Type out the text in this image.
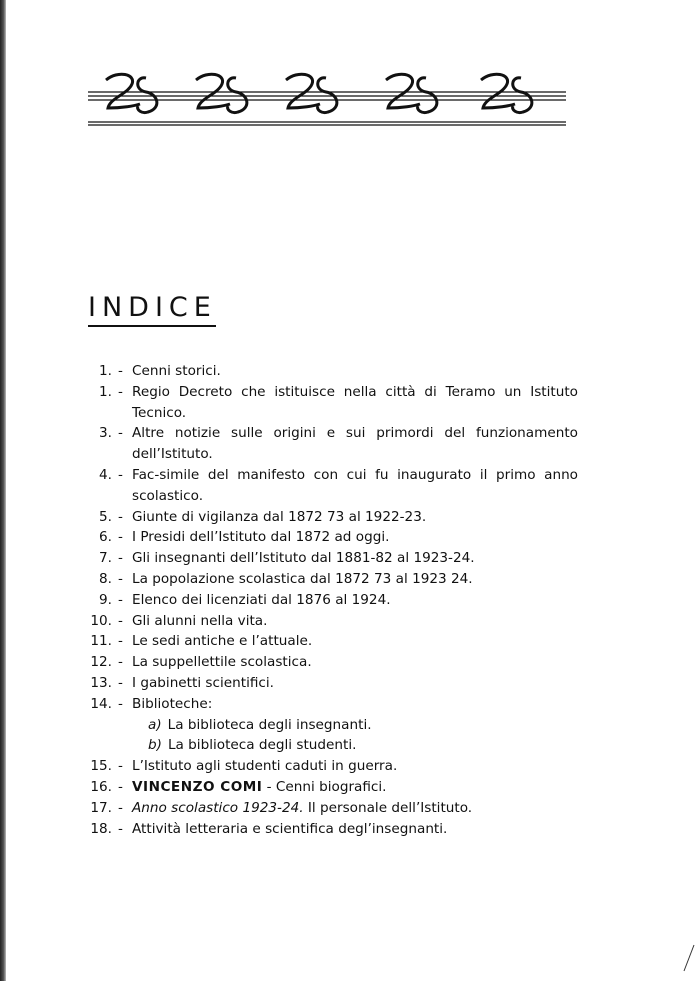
INDICE
1. - Cenni storici.
1. - Regio Decreto che istituisce nella città di Teramo un Istituto Tecnico.
3. - Altre notizie sulle origini e sui primordi del funzionamento dell’Istituto.
4. - Fac-simile del manifesto con cui fu inaugurato il primo anno scolastico.
5. - Giunte di vigilanza dal 1872 73 al 1922-23.
6. - I Presidi dell’Istituto dal 1872 ad oggi.
7. - Gli insegnanti dell’Istituto dal 1881-82 al 1923-24.
8. - La popolazione scolastica dal 1872 73 al 1923 24.
9. - Elenco dei licenziati dal 1876 al 1924.
10. - Gli alunni nella vita.
11. - Le sedi antiche e l’attuale.
12. - La suppellettile scolastica.
13. - I gabinetti scientifici.
14. - Biblioteche:
a) La biblioteca degli insegnanti.
b) La biblioteca degli studenti.
15. - L’Istituto agli studenti caduti in guerra.
16. - VINCENZO COMI - Cenni biografici.
17. - Anno scolastico 1923-24. Il personale dell’Istituto.
18. - Attività letteraria e scientifica degl’insegnanti.
